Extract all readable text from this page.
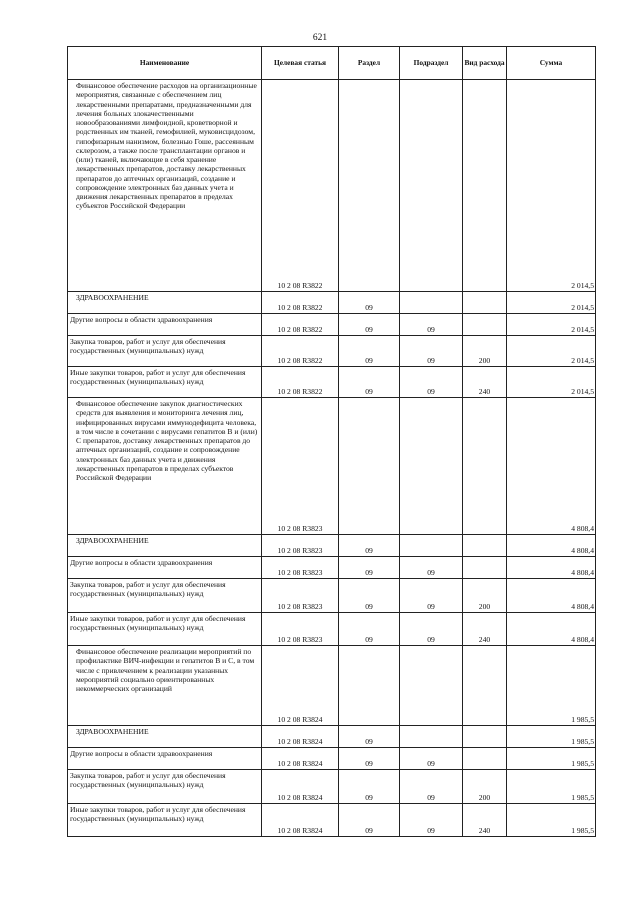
621
Наименование	Целевая статья	Раздел	Подраздел	Вид расхода	Сумма
Финансовое обеспечение расходов на организационные мероприятия, связанные с обеспечением лиц лекарственными препаратами, предназначенными для лечения больных злокачественными новообразованиями лимфоидной, кроветворной и родственных им тканей, гемофилией, муковисцидозом, гипофизарным нанизмом, болезнью Гоше, рассеянным склерозом, а также после трансплантации органов и (или) тканей, включающие в себя хранение лекарственных препаратов, доставку лекарственных препаратов до аптечных организаций, создание и сопровождение электронных баз данных учета и движения лекарственных препаратов в пределах субъектов Российской Федерации	10 2 08 R3822				2 014,5
ЗДРАВООХРАНЕНИЕ	10 2 08 R3822	09			2 014,5
Другие вопросы в области здравоохранения	10 2 08 R3822	09	09		2 014,5
Закупка товаров, работ и услуг для обеспечения государственных (муниципальных) нужд	10 2 08 R3822	09	09	200	2 014,5
Иные закупки товаров, работ и услуг для обеспечения государственных (муниципальных) нужд	10 2 08 R3822	09	09	240	2 014,5
Финансовое обеспечение закупок диагностических средств для выявления и мониторинга лечения лиц, инфицированных вирусами иммунодефицита человека, в том числе в сочетании с вирусами гепатитов B и (или) C препаратов, доставку лекарственных препаратов до аптечных организаций, создание и сопровождение электронных баз данных учета и движения лекарственных препаратов в пределах субъектов Российской Федерации	10 2 08 R3823				4 808,4
ЗДРАВООХРАНЕНИЕ	10 2 08 R3823	09			4 808,4
Другие вопросы в области здравоохранения	10 2 08 R3823	09	09		4 808,4
Закупка товаров, работ и услуг для обеспечения государственных (муниципальных) нужд	10 2 08 R3823	09	09	200	4 808,4
Иные закупки товаров, работ и услуг для обеспечения государственных (муниципальных) нужд	10 2 08 R3823	09	09	240	4 808,4
Финансовое обеспечение реализации мероприятий по профилактике ВИЧ-инфекции и гепатитов B и C, в том числе с привлечением к реализации указанных мероприятий социально ориентированных некоммерческих организаций	10 2 08 R3824				1 985,5
ЗДРАВООХРАНЕНИЕ	10 2 08 R3824	09			1 985,5
Другие вопросы в области здравоохранения	10 2 08 R3824	09	09		1 985,5
Закупка товаров, работ и услуг для обеспечения государственных (муниципальных) нужд	10 2 08 R3824	09	09	200	1 985,5
Иные закупки товаров, работ и услуг для обеспечения государственных (муниципальных) нужд	10 2 08 R3824	09	09	240	1 985,5
